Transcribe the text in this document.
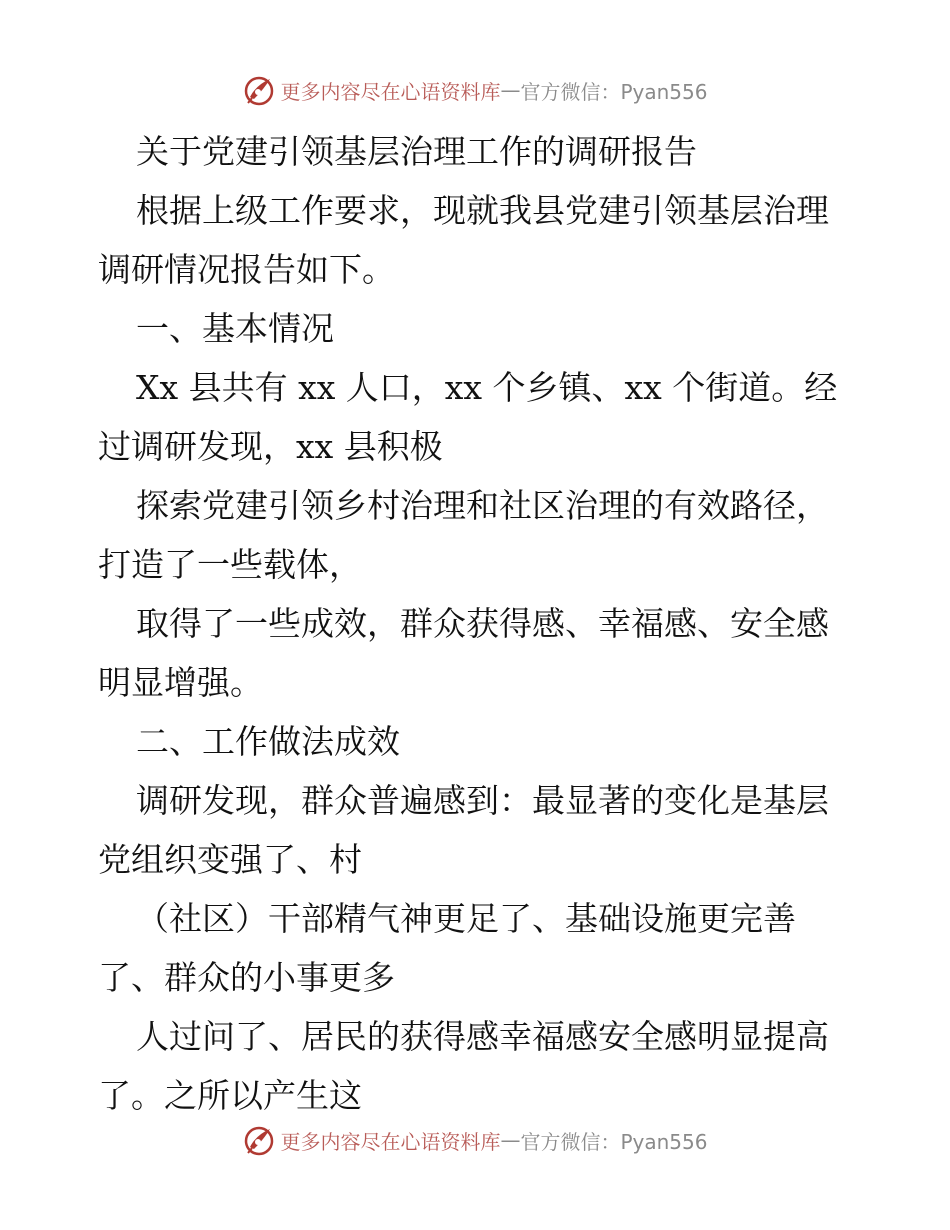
更多内容尽在心语资料库 — 官方微信：Pyan556

关于党建引领基层治理工作的调研报告

根据上级工作要求，现就我县党建引领基层治理调研情况报告如下。

一、基本情况

Xx 县共有 xx 人口，xx 个乡镇、xx 个街道。经过调研发现，xx 县积极

探索党建引领乡村治理和社区治理的有效路径，打造了一些载体，

取得了一些成效，群众获得感、幸福感、安全感明显增强。

二、工作做法成效

调研发现，群众普遍感到：最显著的变化是基层党组织变强了、村

（社区）干部精气神更足了、基础设施更完善了、群众的小事更多

人过问了、居民的获得感幸福感安全感明显提高了。之所以产生这

更多内容尽在心语资料库 — 官方微信：Pyan556
